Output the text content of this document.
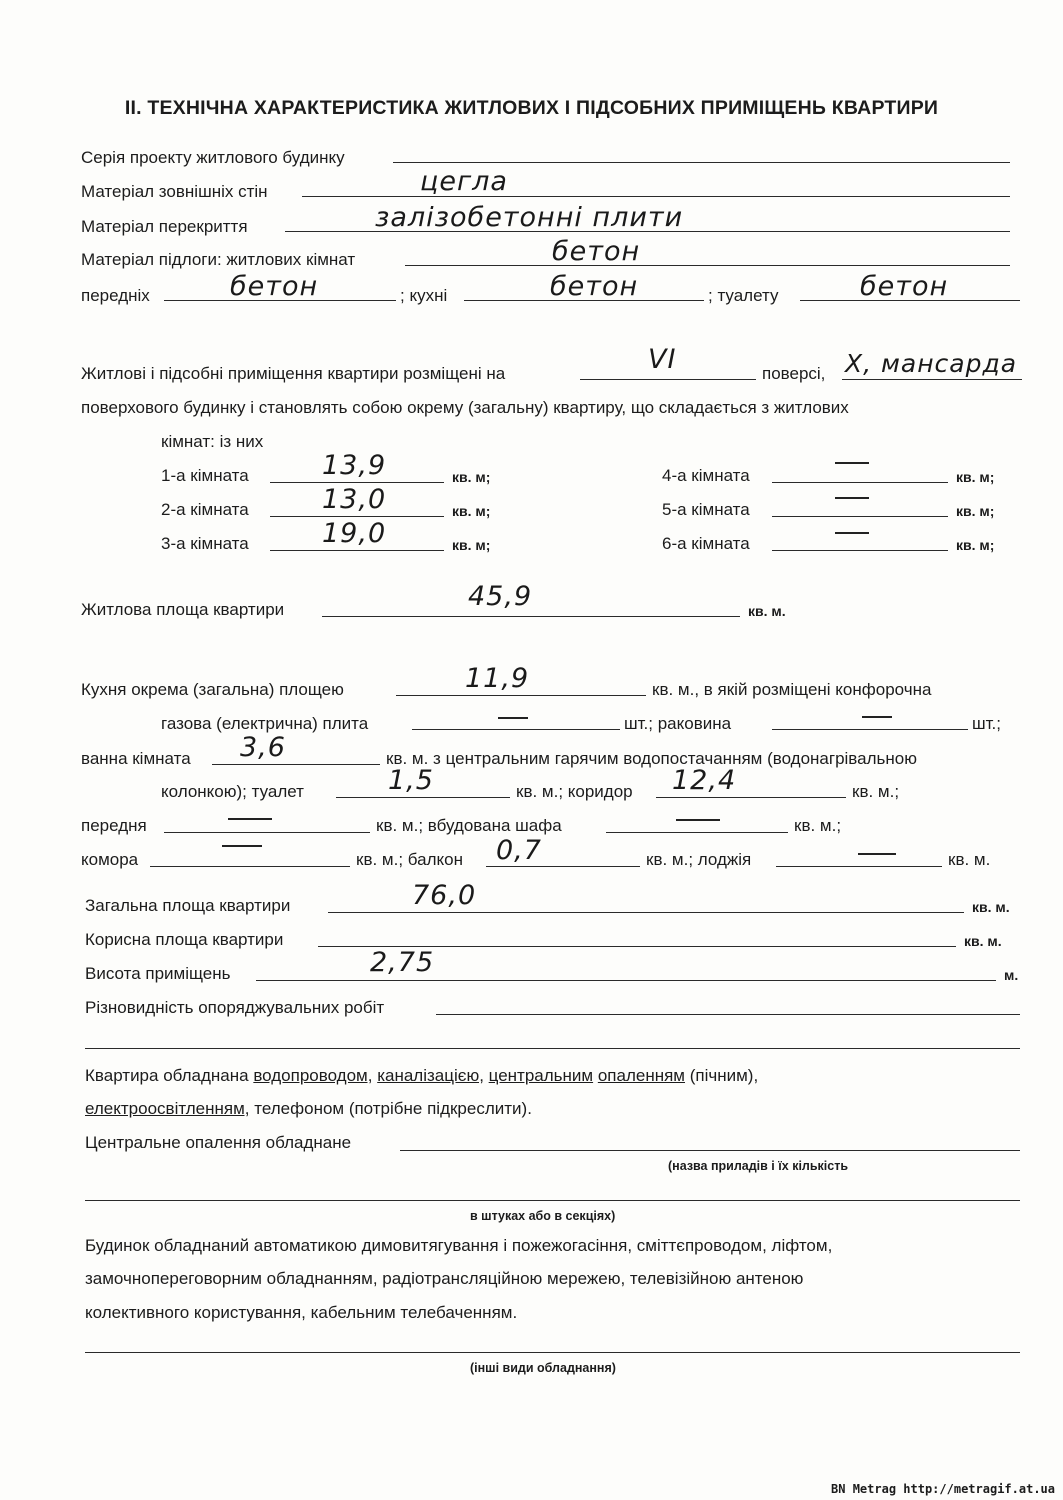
II. ТЕХНІЧНА ХАРАКТЕРИСТИКА ЖИТЛОВИХ І ПІДСОБНИХ ПРИМІЩЕНЬ КВАРТИРИ
Серія проекту житлового будинку
Матеріал зовнішніх стін	цегла
Матеріал перекриття	залізобетонні плити
Матеріал підлоги: житлових кімнат	бетон
передніх	бетон	; кухні	бетон	; туалету	бетон
Житлові і підсобні приміщення квартири розміщені на	VI	поверсі, X, мансарда
поверхового будинку і становлять собою окрему (загальну) квартиру, що складається з житлових
кімнат: із них
1-а кімната	13,9	кв. м;
2-а кімната	13,0	кв. м;
3-а кімната	19,0	кв. м;
4-а кімната	кв. м;
5-а кімната	кв. м;
6-а кімната	кв. м;
Житлова площа квартири	45,9	кв. м.
Кухня окрема (загальна) площею	11,9	кв. м., в якій розміщені конфорочна
газова (електрична) плита	шт.; раковина	шт.;
ванна кімната 3,6	кв. м. з центральним гарячим водопостачанням (водонагрівальною
колонкою); туалет	1,5	кв. м.; коридор 12,4	кв. м.;
передня	кв. м.; вбудована шафа	кв. м.;
комора	кв. м.; балкон 0,7	кв. м.; лоджія	кв. м.
Загальна площа квартири	76,0	кв. м.
Корисна площа квартири	кв. м.
Висота приміщень	2,75	м.
Різновидність опоряджувальних робіт
Квартира обладнана водопроводом, каналізацією, центральним опаленням (пічним),
електроосвітленням, телефоном (потрібне підкреслити).
Центральне опалення обладнане
(назва приладів і їх кількість
в штуках або в секціях)
Будинок обладнаний автоматикою димовитягування і пожежогасіння, сміттєпроводом, ліфтом,
замочнопереговорним обладнанням, радіотрансляційною мережею, телевізійною антеною
колективного користування, кабельним телебаченням.
(інші види обладнання)
BN Metrag http://metragif.at.ua
